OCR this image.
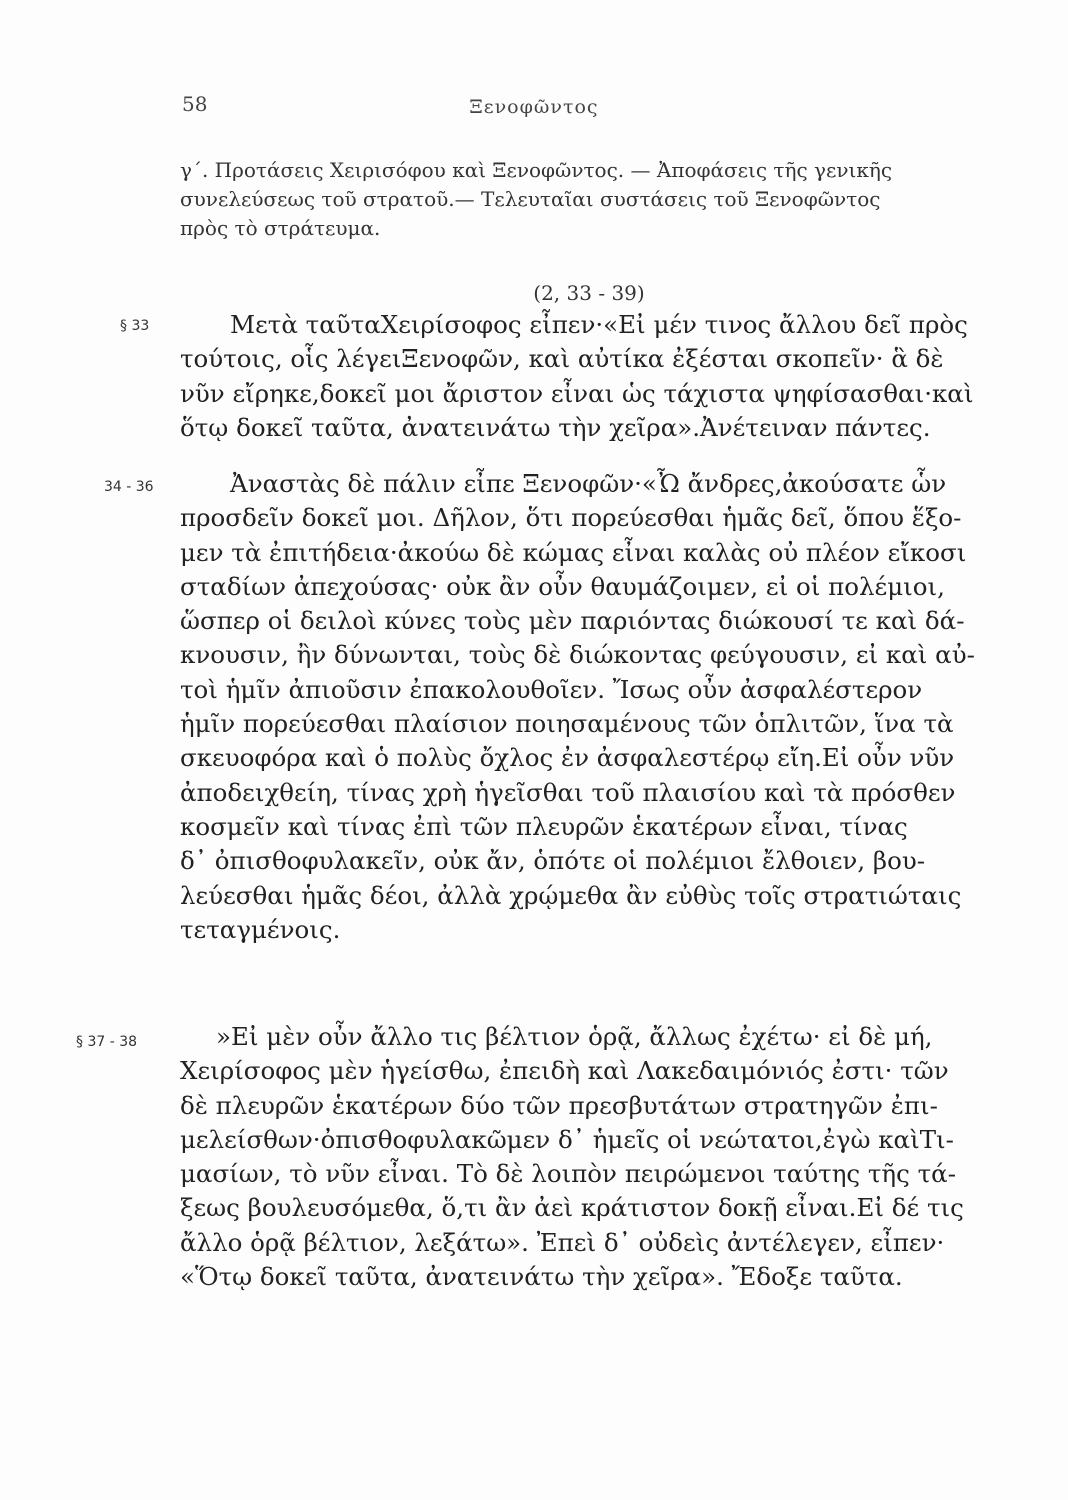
58	Ξενοφῶντος
γ΄. Προτάσεις Χειρισόφου καὶ Ξενοφῶντος. — Ἀποφάσεις τῆς γενικῆς
συνελεύσεως τοῦ στρατοῦ.— Τελευταῖαι συστάσεις τοῦ Ξενοφῶντος
πρὸς τὸ στράτευμα.
(2, 33 - 39)
§ 33	Μετὰ ταῦταΧειρίσοφος εἶπεν·«Εἰ μέν τινος ἄλλου δεῖ πρὸς
τούτοις, οἷς λέγειΞενοφῶν, καὶ αὐτίκα ἐξέσται σκοπεῖν· ἃ δὲ
νῦν εἴρηκε,δοκεῖ μοι ἄριστον εἶναι ὡς τάχιστα ψηφίσασθαι·καὶ
ὅτῳ δοκεῖ ταῦτα, ἀνατεινάτω τὴν χεῖρα».Ἀνέτειναν πάντες.
34 - 36	Ἀναστὰς δὲ πάλιν εἶπε Ξενοφῶν·«Ὦ ἄνδρες,ἀκούσατε ὧν
προσδεῖν δοκεῖ μοι. Δῆλον, ὅτι πορεύεσθαι ἡμᾶς δεῖ, ὅπου ἕξο-
μεν τὰ ἐπιτήδεια·ἀκούω δὲ κώμας εἶναι καλὰς οὐ πλέον εἴκοσι
σταδίων ἀπεχούσας· οὐκ ἂν οὖν θαυμάζοιμεν, εἰ οἱ πολέμιοι,
ὥσπερ οἱ δειλοὶ κύνες τοὺς μὲν παριόντας διώκουσί τε καὶ δά-
κνουσιν, ἢν δύνωνται, τοὺς δὲ διώκοντας φεύγουσιν, εἰ καὶ αὐ-
τοὶ ἡμῖν ἀπιοῦσιν ἐπακολουθοῖεν. Ἴσως οὖν ἀσφαλέστερον
ἡμῖν πορεύεσθαι πλαίσιον ποιησαμένους τῶν ὁπλιτῶν, ἵνα τὰ
σκευοφόρα καὶ ὁ πολὺς ὄχλος ἐν ἀσφαλεστέρῳ εἴη.Εἰ οὖν νῦν
ἀποδειχθείη, τίνας χρὴ ἡγεῖσθαι τοῦ πλαισίου καὶ τὰ πρόσθεν
κοσμεῖν καὶ τίνας ἐπὶ τῶν πλευρῶν ἑκατέρων εἶναι, τίνας
δ᾽ ὀπισθοφυλακεῖν, οὐκ ἄν, ὁπότε οἱ πολέμιοι ἔλθοιεν, βου-
λεύεσθαι ἡμᾶς δέοι, ἀλλὰ χρῴμεθα ἂν εὐθὺς τοῖς στρατιώταις
τεταγμένοις.
§ 37 - 38	»Εἰ μὲν οὖν ἄλλο τις βέλτιον ὁρᾷ, ἄλλως ἐχέτω· εἰ δὲ μή,
Χειρίσοφος μὲν ἡγείσθω, ἐπειδὴ καὶ Λακεδαιμόνιός ἐστι· τῶν
δὲ πλευρῶν ἑκατέρων δύο τῶν πρεσβυτάτων στρατηγῶν ἐπι-
μελείσθων·ὀπισθοφυλακῶμεν δ᾽ ἡμεῖς οἱ νεώτατοι,ἐγὼ καὶΤι-
μασίων, τὸ νῦν εἶναι. Τὸ δὲ λοιπὸν πειρώμενοι ταύτης τῆς τά-
ξεως βουλευσόμεθα, ὅ,τι ἂν ἀεὶ κράτιστον δοκῇ εἶναι.Εἰ δέ τις
ἄλλο ὁρᾷ βέλτιον, λεξάτω». Ἐπεὶ δ᾽ οὐδεὶς ἀντέλεγεν, εἶπεν·
«Ὅτῳ δοκεῖ ταῦτα, ἀνατεινάτω τὴν χεῖρα». Ἔδοξε ταῦτα.
